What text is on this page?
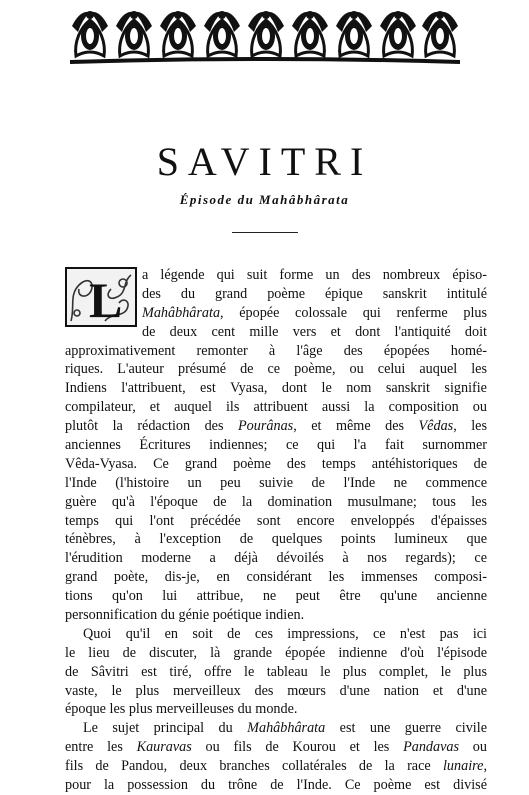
SAVITRI
Épisode du Mahâbhârata
L	a légende qui suit forme un des nombreux épiso-
des du grand poème épique sanskrit intitulé
Mahâbhârata, épopée colossale qui renferme plus
de deux cent mille vers et dont l'antiquité doit
approximativement remonter à l'âge des épopées homé-
riques. L'auteur présumé de ce poème, ou celui auquel les
Indiens l'attribuent, est Vyasa, dont le nom sanskrit signifie
compilateur, et auquel ils attribuent aussi la composition ou
plutôt la rédaction des Pourânas, et même des Vêdas, les
anciennes Écritures indiennes; ce qui l'a fait surnommer
Vêda-Vyasa. Ce grand poème des temps antéhistoriques de
l'Inde (l'histoire un peu suivie de l'Inde ne commence
guère qu'à l'époque de la domination musulmane; tous les
temps qui l'ont précédée sont encore enveloppés d'épaisses
ténèbres, à l'exception de quelques points lumineux que
l'érudition moderne a déjà dévoilés à nos regards); ce
grand poète, dis-je, en considérant les immenses composi-
tions qu'on lui attribue, ne peut être qu'une ancienne
personnification du génie poétique indien.
Quoi qu'il en soit de ces impressions, ce n'est pas ici
le lieu de discuter, là grande épopée indienne d'où l'épisode
de Sâvitri est tiré, offre le tableau le plus complet, le plus
vaste, le plus merveilleux des mœurs d'une nation et d'une
époque les plus merveilleuses du monde.
Le sujet principal du Mahâbhârata est une guerre civile
entre les Kauravas ou fils de Kourou et les Pandavas ou
fils de Pandou, deux branches collatérales de la race lunaire,
pour la possession du trône de l'Inde. Ce poème est divisé
